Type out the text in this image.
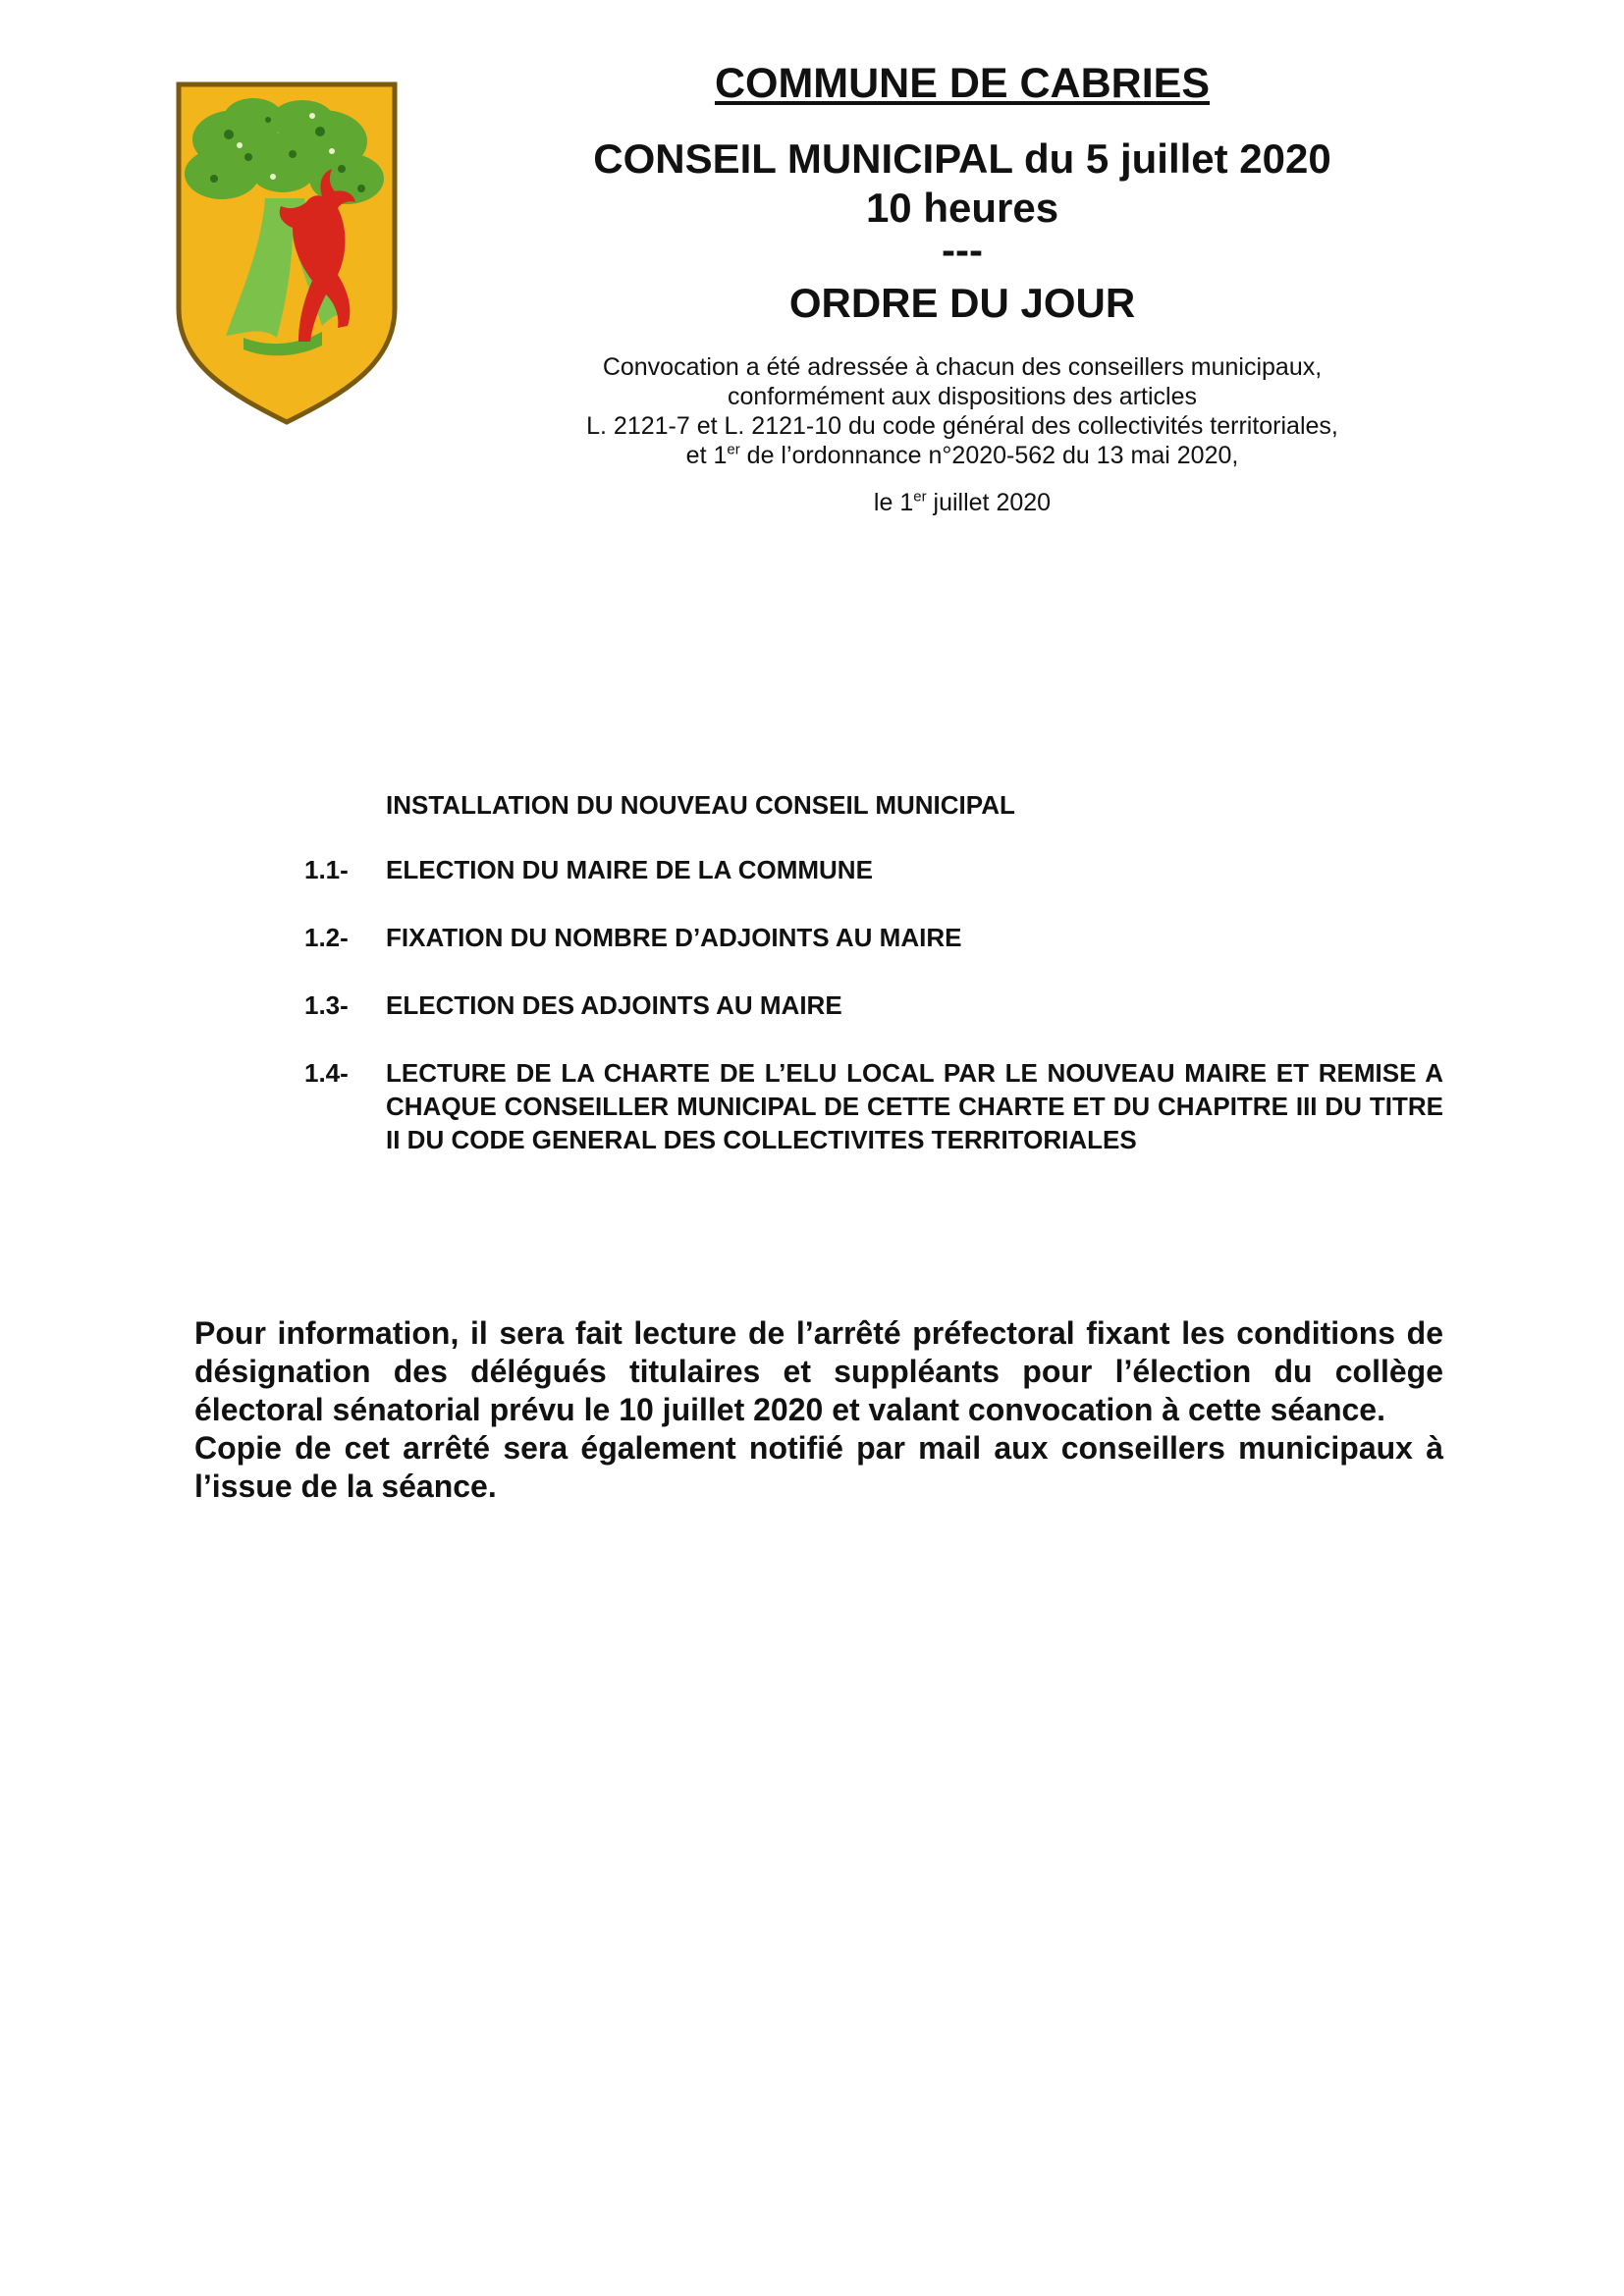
COMMUNE DE CABRIES

CONSEIL MUNICIPAL du 5 juillet 2020

10 heures

---

ORDRE DU JOUR

Convocation a été adressée à chacun des conseillers municipaux,
conformément aux dispositions des articles
L. 2121-7 et L. 2121-10 du code général des collectivités territoriales,
et 1er de l’ordonnance n°2020-562 du 13 mai 2020,
le 1er juillet 2020
INSTALLATION DU NOUVEAU CONSEIL MUNICIPAL
1.1-	ELECTION DU MAIRE DE LA COMMUNE
1.2-	FIXATION DU NOMBRE D’ADJOINTS AU MAIRE
1.3-	ELECTION DES ADJOINTS AU MAIRE
1.4-	LECTURE DE LA CHARTE DE L’ELU LOCAL PAR LE NOUVEAU MAIRE ET REMISE A CHAQUE CONSEILLER MUNICIPAL DE CETTE CHARTE ET DU CHAPITRE III DU TITRE II DU CODE GENERAL DES COLLECTIVITES TERRITORIALES

Pour information, il sera fait lecture de l’arrêté préfectoral fixant les conditions de désignation des délégués titulaires et suppléants pour l’élection du collège électoral sénatorial prévu le 10 juillet 2020 et valant convocation à cette séance.

Copie de cet arrêté sera également notifié par mail aux conseillers municipaux à l’issue de la séance.
